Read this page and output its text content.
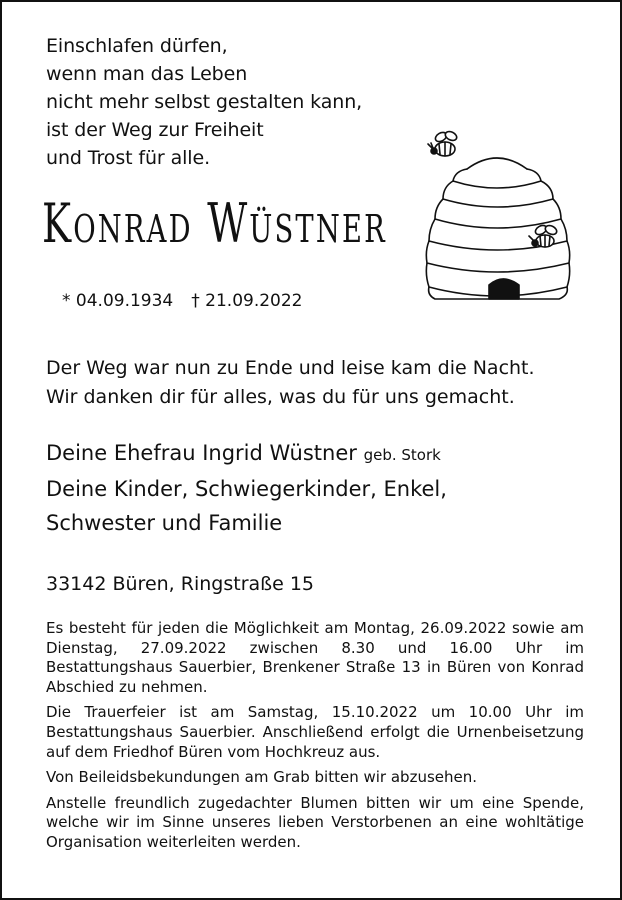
Einschlafen dürfen,
wenn man das Leben
nicht mehr selbst gestalten kann,
ist der Weg zur Freiheit
und Trost für alle.
Konrad Wüstner
* 04.09.1934 † 21.09.2022
Der Weg war nun zu Ende und leise kam die Nacht.
Wir danken dir für alles, was du für uns gemacht.
Deine Ehefrau Ingrid Wüstner geb. Stork
Deine Kinder, Schwiegerkinder, Enkel,
Schwester und Familie
33142 Büren, Ringstraße 15

Es besteht für jeden die Möglichkeit am Montag, 26.09.2022 sowie am Dienstag, 27.09.2022 zwischen 8.30 und 16.00 Uhr im Bestattungshaus Sauerbier, Brenkener Straße 13 in Büren von Konrad Abschied zu nehmen.

Die Trauerfeier ist am Samstag, 15.10.2022 um 10.00 Uhr im Bestattungshaus Sauerbier. Anschließend erfolgt die Urnenbeisetzung auf dem Friedhof Büren vom Hochkreuz aus.

Von Beileidsbekundungen am Grab bitten wir abzusehen.

Anstelle freundlich zugedachter Blumen bitten wir um eine Spende, welche wir im Sinne unseres lieben Verstorbenen an eine wohltätige Organisation weiterleiten werden.
